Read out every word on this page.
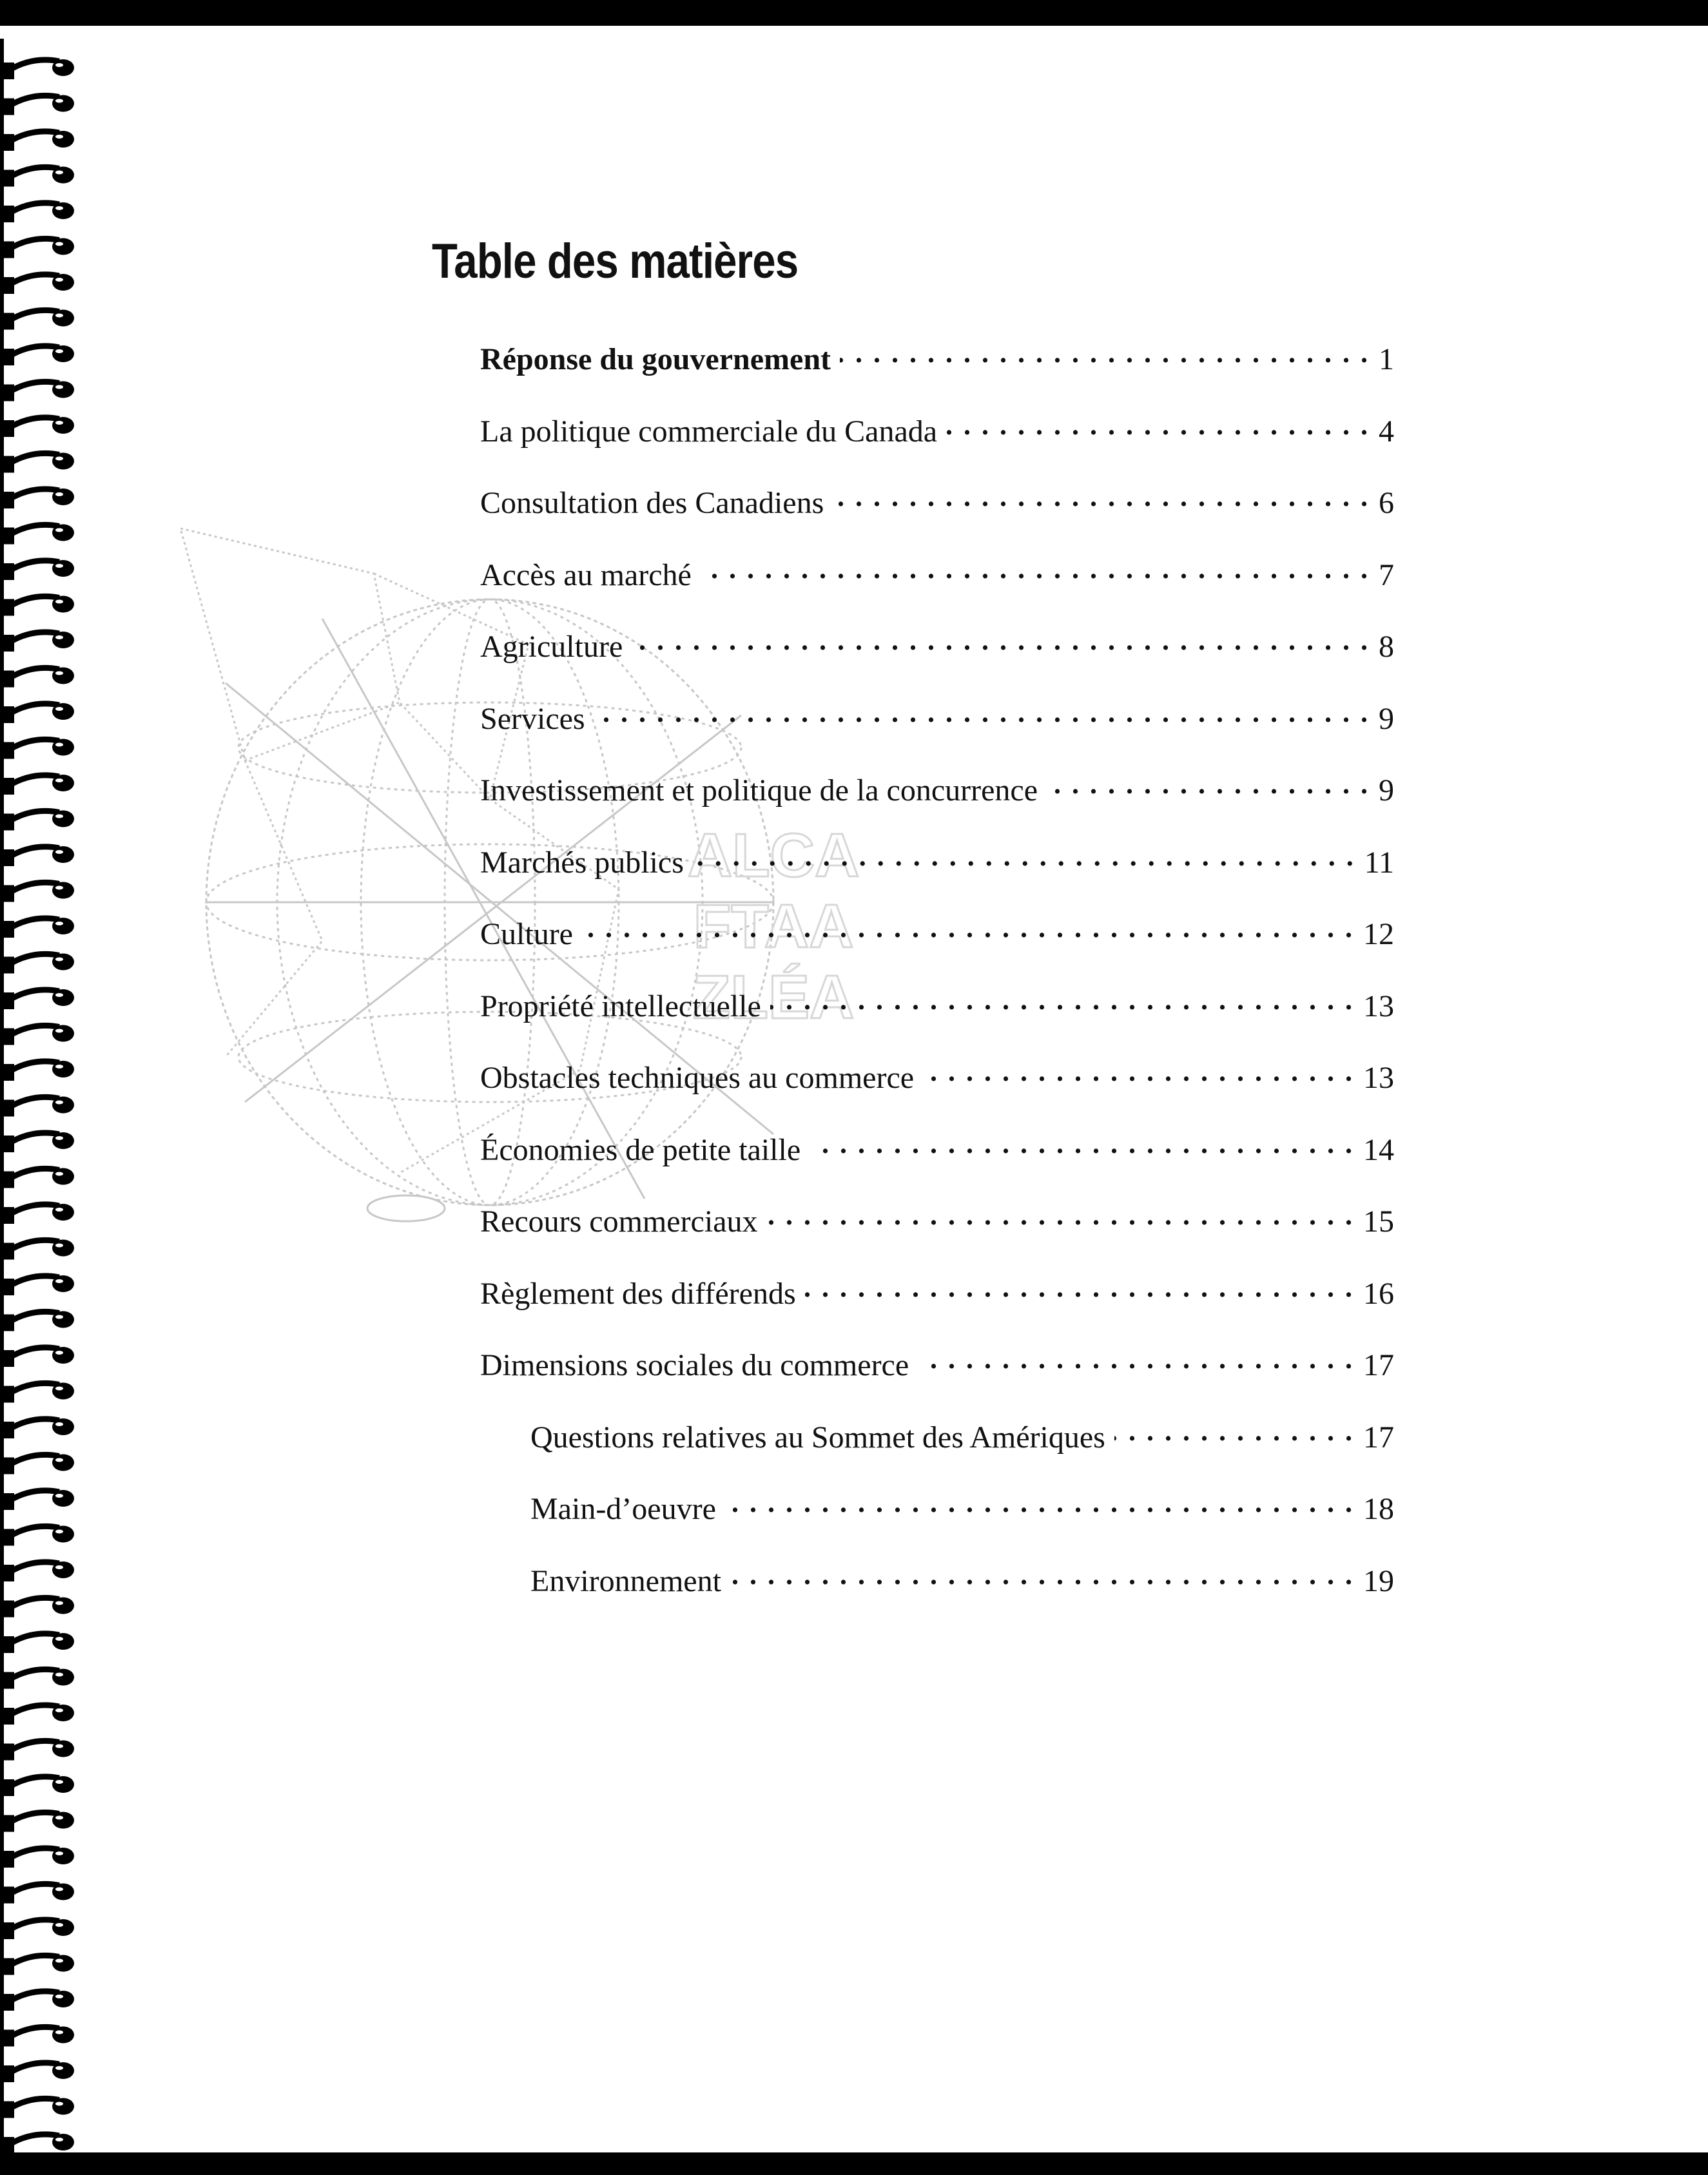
ALCA
FTAA
ZLÉA
Table des matières
Réponse du gouvernement . . .	1
La politique commerciale du Canada . . .	4
Consultation des Canadiens . . .	6
Accès au marché . . .	7
Agriculture . . .	8
Services . . .	9
Investissement et politique de la concurrence . . .	9
Marchés publics . . .	11
Culture . . .	12
Propriété intellectuelle . . .	13
Obstacles techniques au commerce . . .	13
Économies de petite taille . . .	14
Recours commerciaux . . .	15
Règlement des différends . . .	16
Dimensions sociales du commerce . . .	17
Questions relatives au Sommet des Amériques . . .	17
Main-d’oeuvre . . .	18
Environnement . . .	19
